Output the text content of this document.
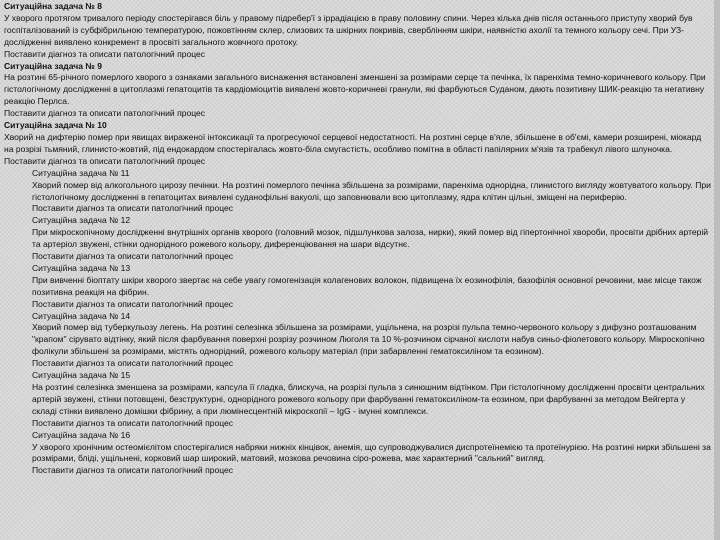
Ситуаційна задача № 8

У хворого протягом тривалого періоду спостерігався біль у правому підребер'ї з іррадіацією в праву половину спини. Через кілька днів після останнього приступу хворий був госпіталізований із субфібрильною температурою, пожовтінням склер, слизових та шкірних покривів, сверблінням шкіри, наявністю ахолії та темного кольору сечі. При УЗ-дослідженні виявлено конкремент в просвіті загального жовчного протоку.

Поставити діагноз та описати патологічний процес

Ситуаційна задача № 9

На розтині 65-річного померлого хворого з ознаками загального виснаження встановлені зменшені за розмірами серце та печінка, їх паренхіма темно-коричневого кольору. При гістологічному дослідженні в цитоплазмі гепатоцитів та кардіоміоцитів виявлені жовто-коричневі гранули, які фарбуються Суданом, дають позитивну ШИК-реакцію та негативну реакцію Перлса.

Поставити діагноз та описати патологічний процес

Ситуаційна задача № 10

Хворий на дифтерію помер при явищах вираженої інтоксикації та прогресуючої серцевої недостатності. На розтині серце в'яле, збільшене в об'ємі, камери розширені, міокард на розрізі тьмяний, глинисто-жовтий, під ендокардом спостерігалась жовто-біла смугастість, особливо помітна в області папілярних м'язів та трабекул лівого шлуночка.

Поставити діагноз та описати патологічний процес

Ситуаційна задача № 11

Хворий помер від алкогольного цирозу печінки. На розтині померлого печінка збільшена за розмірами, паренхіма однорідна, глинистого вигляду жовтуватого кольору. При гістологічному дослідженні в гепатоцитах виявлені суданофільні вакуолі, що заповнювали всю цитоплазму, ядра клітин цільні, зміщені на периферію.

Поставити діагноз та описати патологічний процес

Ситуаційна задача № 12

При мікроскопічному дослідженні внутрішніх органів хворого (головний мозок, підшлункова залоза, нирки), який помер від гіпертонічної хвороби, просвіти дрібних артерій та артеріол звужені, стінки однорідного рожевого кольору, диференціювання на шари відсутнє.

Поставити діагноз та описати патологічний процес

Ситуаційна задача № 13

При вивченні біоптату шкіри хворого звертає на себе увагу гомогенізація колагенових волокон, підвищена їх еозинофілія, базофілія основної речовини, має місце також позитивна реакція на фібрин.

Поставити діагноз та описати патологічний процес

Ситуаційна задача № 14

Хворий помер від туберкульозу легень. На розтині селезінка збільшена за розмірами, ущільнена, на розрізі пульпа темно-червоного кольору з дифузно розташованим "крапом" сірувато відтінку, який після фарбування поверхні розрізу розчином Люголя та 10 %-розчином сірчаної кислоти набув синьо-фіолетового кольору. Мікроскопічно фолікули збільшені за розмірами, містять однорідний, рожевого кольору матеріал (при забарвленні гематоксиліном та еозином).

Поставити діагноз та описати патологічний процес

Ситуаційна задача № 15

На розтині селезінка зменшена за розмірами, капсула її гладка, блискуча, на розрізі пульпа з синюшним відтінком. При гістологічному дослідженні просвіти центральних артерій звужені, стінки потовщені, безструктурні, однорідного рожевого кольору при фарбуванні гематоксиліном-та еозином, при фарбуванні за методом Вейгерта у складі стінки виявлено домішки фібрину, а при люмінесцентній мікроскопії – IgG - імунні комплекси.

Поставити діагноз та описати патологічний процес

Ситуаційна задача № 16

У хворого хронічним остеомієлітом спостерігалися набряки нижніх кінцівок, анемія, що супроводжувалися диспротеїнемією та протеїнурією. На розтині нирки збільшені за розмірами, бліді, ущільнені, корковий шар широкий, матовий, мозкова речовина сіро-рожева, має характерний "сальний" вигляд.

Поставити діагноз та описати патологічний процес
